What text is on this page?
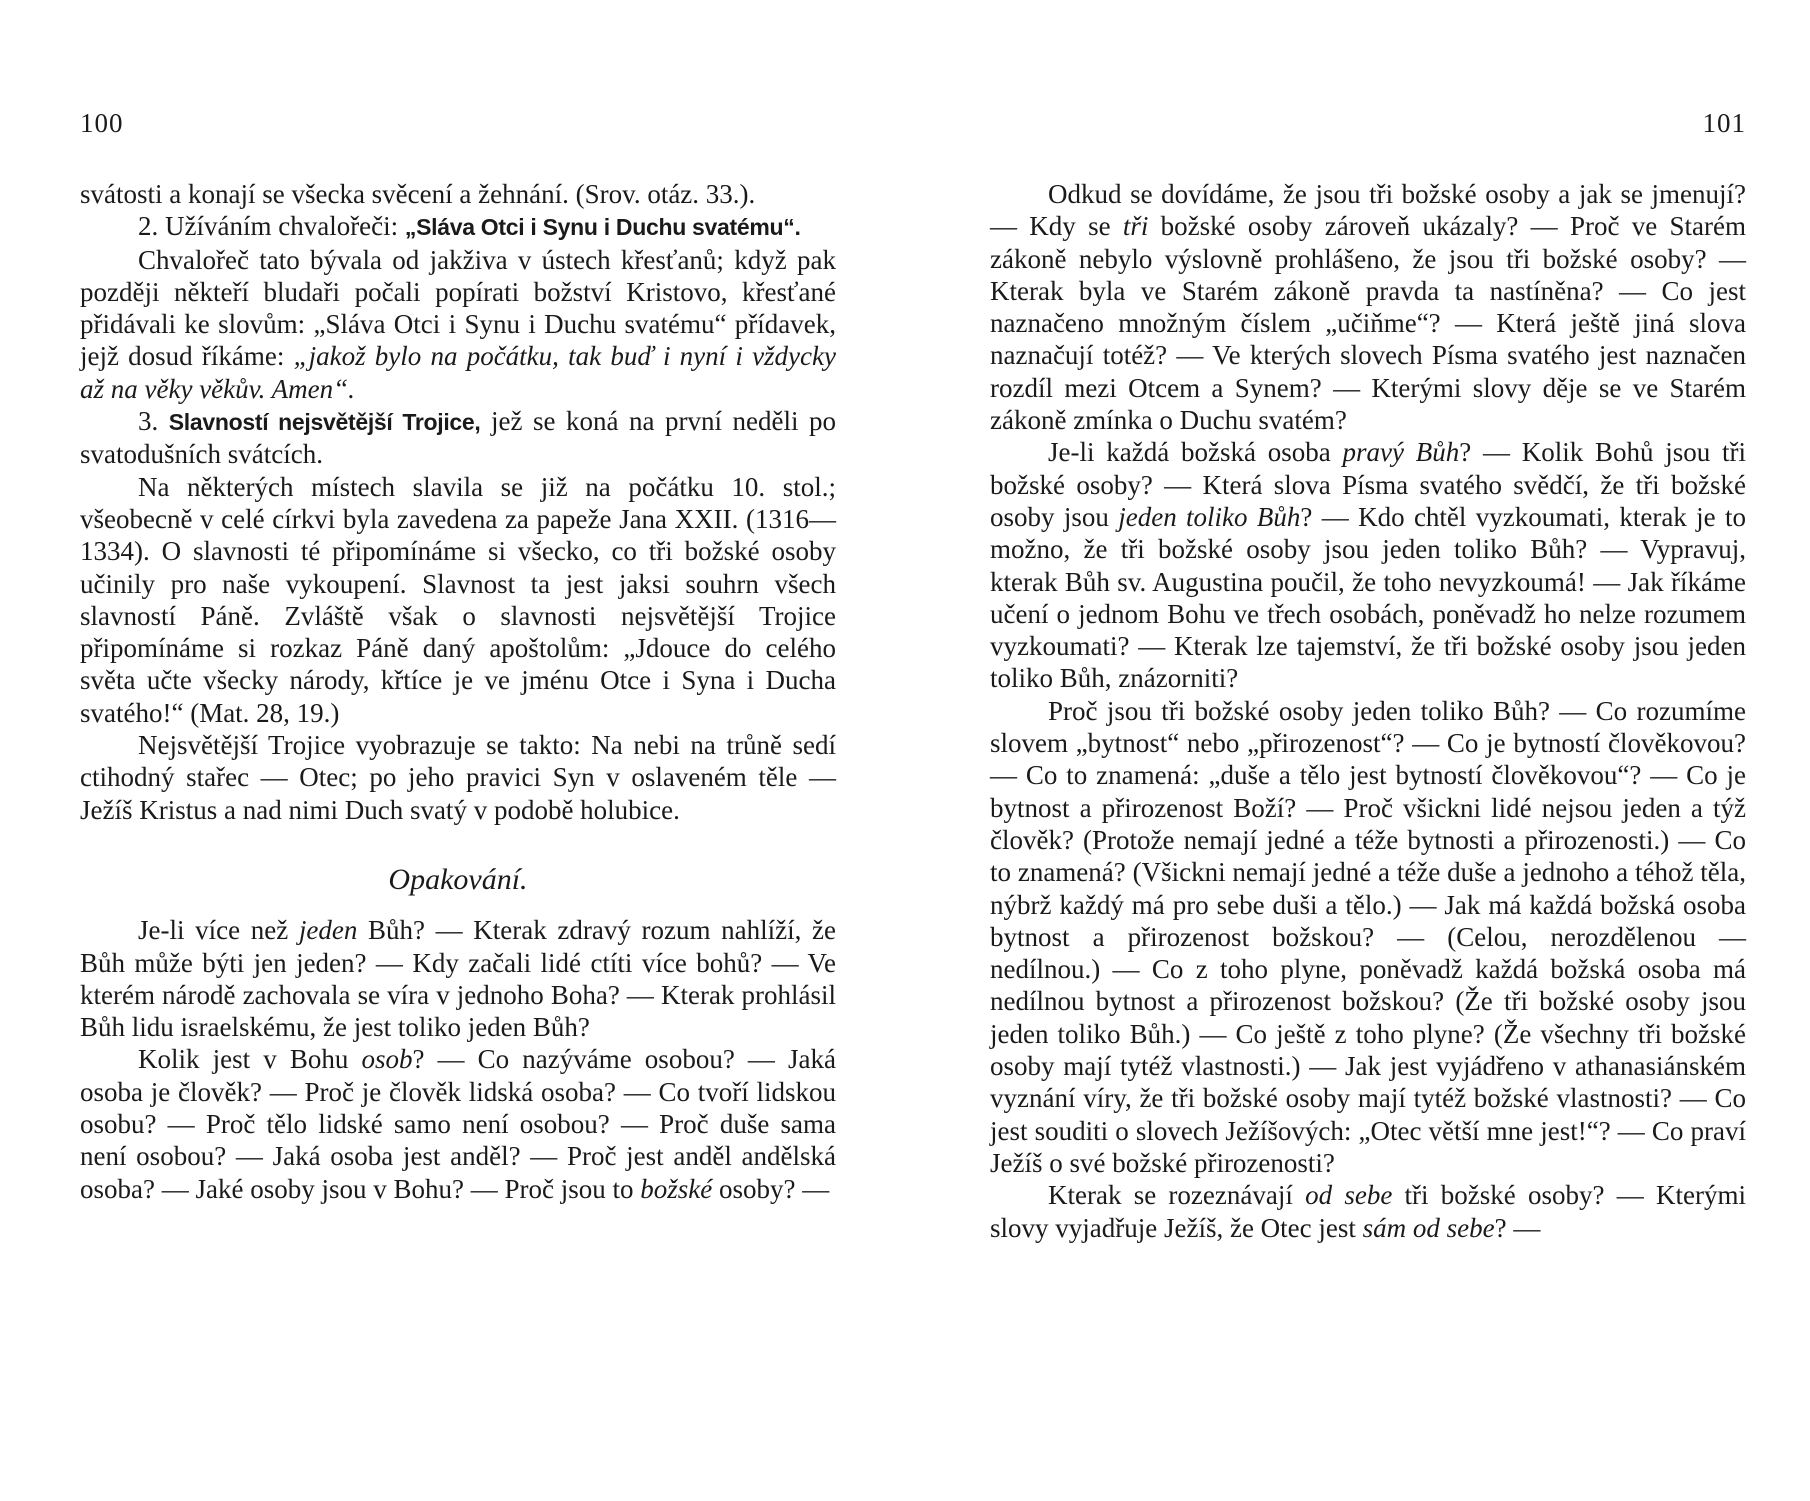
100

svátosti a konají se všecka svěcení a žehnání. (Srov. otáz. 33.).

2. Užíváním chvalořeči: „Sláva Otci i Synu i Duchu svatému“.

Chvalořeč tato bývala od jakživa v ústech křesťanů; když pak později někteří bludaři počali popírati božství Kristovo, křesťané přidávali ke slovům: „Sláva Otci i Synu i Duchu svatému“ přídavek, jejž dosud říkáme: „jakož bylo na počátku, tak buď i nyní i vždycky až na věky věkův. Amen“.

3. Slavností nejsvětější Trojice, jež se koná na první neděli po svatodušních svátcích.

Na některých místech slavila se již na počátku 10. stol.; všeobecně v celé církvi byla zavedena za papeže Jana XXII. (1316—1334). O slavnosti té připomínáme si všecko, co tři božské osoby učinily pro naše vykoupení. Slavnost ta jest jaksi souhrn všech slavností Páně. Zvláště však o slavnosti nejsvětější Trojice připomínáme si rozkaz Páně daný apoštolům: „Jdouce do celého světa učte všecky národy, křtíce je ve jménu Otce i Syna i Ducha svatého!“ (Mat. 28, 19.)

Nejsvětější Trojice vyobrazuje se takto: Na nebi na trůně sedí ctihodný stařec — Otec; po jeho pravici Syn v oslaveném těle — Ježíš Kristus a nad nimi Duch svatý v podobě holubice.

Opakování.

Je-li více než jeden Bůh? — Kterak zdravý rozum nahlíží, že Bůh může býti jen jeden? — Kdy začali lidé ctíti více bohů? — Ve kterém národě zachovala se víra v jednoho Boha? — Kterak prohlásil Bůh lidu israelskému, že jest toliko jeden Bůh?

Kolik jest v Bohu osob? — Co nazýváme osobou? — Jaká osoba je člověk? — Proč je člověk lidská osoba? — Co tvoří lidskou osobu? — Proč tělo lidské samo není osobou? — Proč duše sama není osobou? — Jaká osoba jest anděl? — Proč jest anděl andělská osoba? — Jaké osoby jsou v Bohu? — Proč jsou to božské osoby? —

101

Odkud se dovídáme, že jsou tři božské osoby a jak se jmenují? — Kdy se tři božské osoby zároveň ukázaly? — Proč ve Starém zákoně nebylo výslovně prohlášeno, že jsou tři božské osoby? — Kterak byla ve Starém zákoně pravda ta nastíněna? — Co jest naznačeno množným číslem „učiňme“? — Která ještě jiná slova naznačují totéž? — Ve kterých slovech Písma svatého jest naznačen rozdíl mezi Otcem a Synem? — Kterými slovy děje se ve Starém zákoně zmínka o Duchu svatém?

Je-li každá božská osoba pravý Bůh? — Kolik Bohů jsou tři božské osoby? — Která slova Písma svatého svědčí, že tři božské osoby jsou jeden toliko Bůh? — Kdo chtěl vyzkoumati, kterak je to možno, že tři božské osoby jsou jeden toliko Bůh? — Vypravuj, kterak Bůh sv. Augustina poučil, že toho nevyzkoumá! — Jak říkáme učení o jednom Bohu ve třech osobách, poněvadž ho nelze rozumem vyzkoumati? — Kterak lze tajemství, že tři božské osoby jsou jeden toliko Bůh, znázorniti?

Proč jsou tři božské osoby jeden toliko Bůh? — Co rozumíme slovem „bytnost“ nebo „přirozenost“? — Co je bytností člověkovou? — Co to znamená: „duše a tělo jest bytností člověkovou“? — Co je bytnost a přirozenost Boží? — Proč všickni lidé nejsou jeden a týž člověk? (Protože nemají jedné a téže bytnosti a přirozenosti.) — Co to znamená? (Všickni nemají jedné a téže duše a jednoho a téhož těla, nýbrž každý má pro sebe duši a tělo.) — Jak má každá božská osoba bytnost a přirozenost božskou? — (Celou, nerozdělenou — nedílnou.) — Co z toho plyne, poněvadž každá božská osoba má nedílnou bytnost a přirozenost božskou? (Že tři božské osoby jsou jeden toliko Bůh.) — Co ještě z toho plyne? (Že všechny tři božské osoby mají tytéž vlastnosti.) — Jak jest vyjádřeno v athanasiánském vyznání víry, že tři božské osoby mají tytéž božské vlastnosti? — Co jest souditi o slovech Ježíšových: „Otec větší mne jest!“? — Co praví Ježíš o své božské přirozenosti?

Kterak se rozeznávají od sebe tři božské osoby? — Kterými slovy vyjadřuje Ježíš, že Otec jest sám od sebe? —
